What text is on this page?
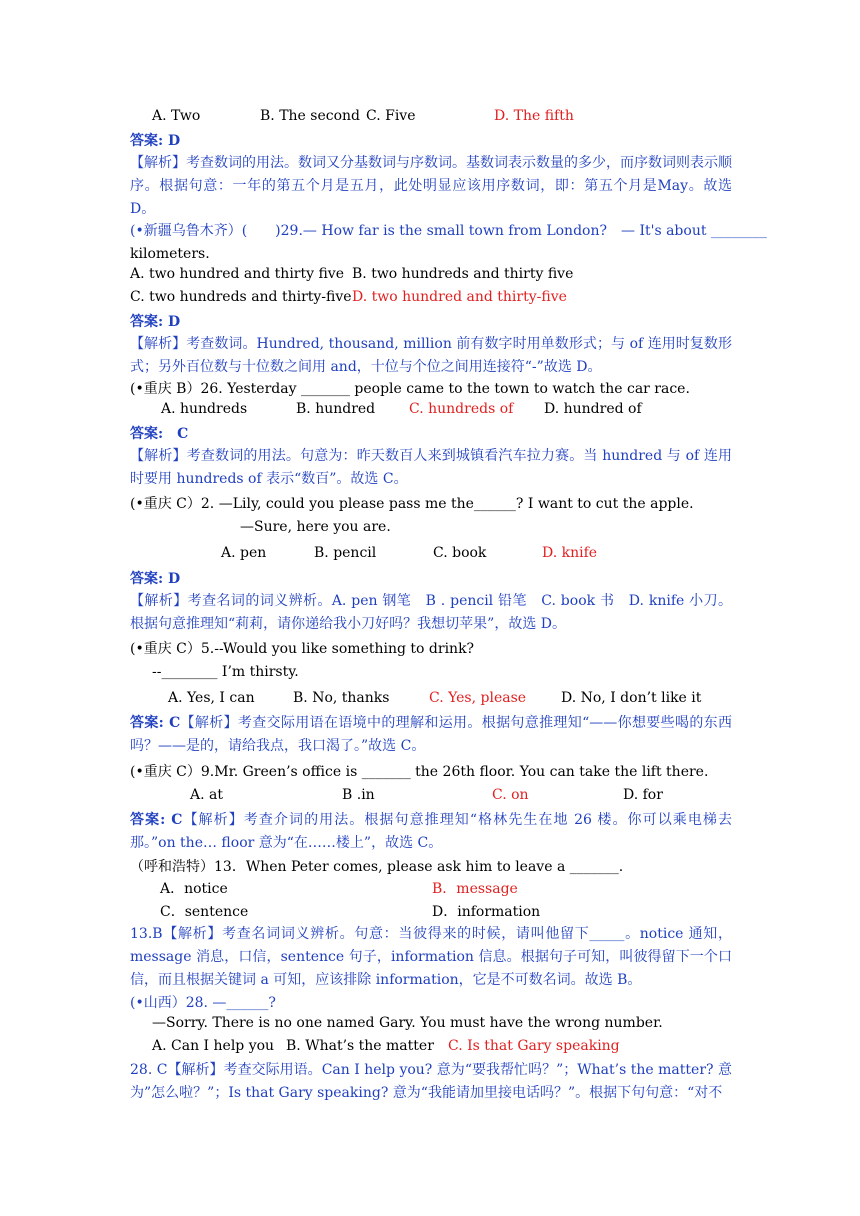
A. Two	B. The second C. Five	D. The fifth
答案: D
【解析】考查数词的用法。数词又分基数词与序数词。基数词表示数量的多少，而序数词则表示顺序。根据句意：一年的第五个月是五月，此处明显应该用序数词，即：第五个月是May。故选 D。
(•新疆乌鲁木齐）(　　)29.— How far is the small town from London?　— It's about ________
kilometers.
A. two hundred and thirty five B. two hundreds and thirty five
C. two hundreds and thirty-five D. two hundred and thirty-five
答案: D
【解析】考查数词。Hundred, thousand, million 前有数字时用单数形式；与 of 连用时复数形式；另外百位数与十位数之间用 and，十位与个位之间用连接符“-”故选 D。
(•重庆 B）26. Yesterday _______ people came to the town to watch the car race.
A. hundreds	B. hundred C. hundreds of D. hundred of
答案:　C
【解析】考查数词的用法。句意为：昨天数百人来到城镇看汽车拉力赛。当 hundred 与 of 连用时要用 hundreds of 表示“数百”。故选 C。
(•重庆 C）2. —Lily, could you please pass me the______? I want to cut the apple.
—Sure, here you are.
A. pen	B. pencil	C. book	D. knife
答案: D
【解析】考查名词的词义辨析。A. pen 钢笔　B . pencil 铅笔　C. book 书　D. knife 小刀。根据句意推理知“莉莉，请你递给我小刀好吗？我想切苹果”，故选 D。
(•重庆 C）5.--Would you like something to drink?
--________ I’m thirsty.
A. Yes, I can	B. No, thanks	C. Yes, please D. No, I don’t like it
答案: C【解析】考查交际用语在语境中的理解和运用。根据句意推理知“——你想要些喝的东西吗？——是的，请给我点，我口渴了。”故选 C。
(•重庆 C）9.Mr. Green’s office is _______ the 26th floor. You can take the lift there.
A. at	B .in	C. on	D. for
答案: C【解析】考查介词的用法。根据句意推理知“格林先生在地 26 楼。你可以乘电梯去那。”on the… floor 意为“在……楼上”，故选 C。
（呼和浩特）13．When Peter comes, please ask him to leave a _______.
A．notice	B．message
C．sentence	D．information
13.B【解析】考查名词词义辨析。句意：当彼得来的时候，请叫他留下_____。notice 通知，message 消息，口信，sentence 句子，information 信息。根据句子可知，叫彼得留下一个口信，而且根据关键词 a 可知，应该排除 information，它是不可数名词。故选 B。
(•山西）28. —______?
—Sorry. There is no one named Gary. You must have the wrong number.
A. Can I help you B. What’s the matter C. Is that Gary speaking
28. C【解析】考查交际用语。Can I help you? 意为“要我帮忙吗？”；What’s the matter? 意为”怎么啦？”；Is that Gary speaking? 意为“我能请加里接电话吗？”。根据下句句意：“对不
